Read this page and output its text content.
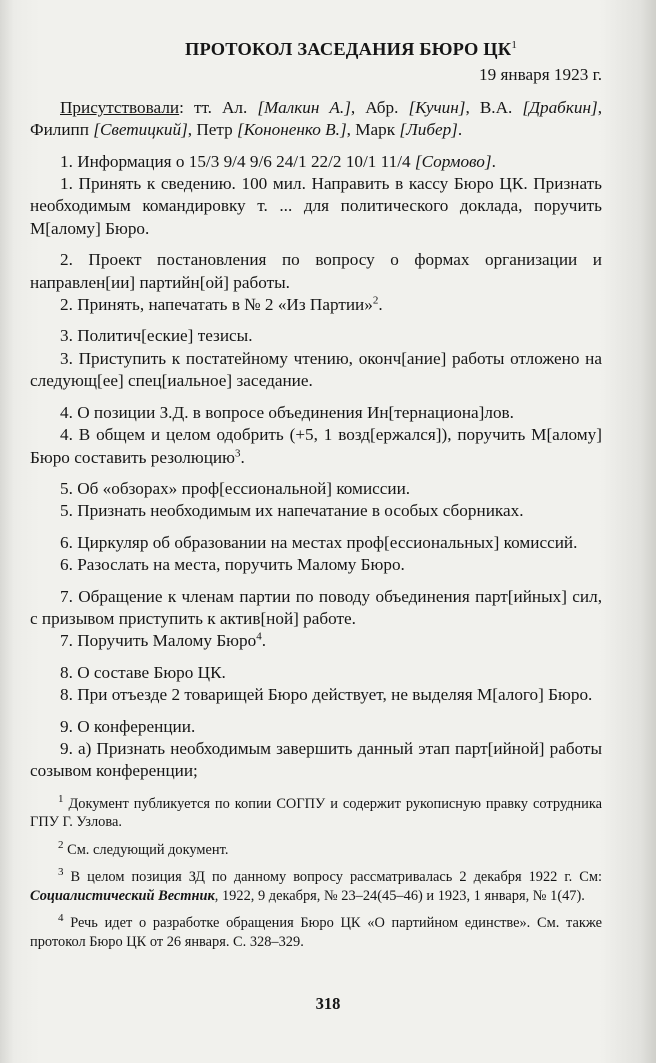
ПРОТОКОЛ ЗАСЕДАНИЯ БЮРО $ЦК^1$
19 января 1923 г.
Присутствовали: тт. Ал. [Малкин А.], Абр. [Кучин], В.А. [Драбкин], Филипп [Светицкий], Петр [Кононенко В.], Марк [Либер].

1. Информация о 15/3 9/4 9/6 24/1 22/2 10/1 11/4 [Сормово].

1. Принять к сведению. 100 мил. Направить в кассу Бюро ЦК. Признать необходимым командировку т. ... для политического доклада, поручить М[алому] Бюро.

2. Проект постановления по вопросу о формах организации и направлен[ии] партийн[ой] работы.

2. Принять, напечатать в № 2 «Из Партии»$^2$.

3. Политич[еские] тезисы.

3. Приступить к постатейному чтению, оконч[ание] работы отложено на следующ[ее] спец[иальное] заседание.

4. О позиции З.Д. в вопросе объединения Ин[тернациона]лов.

4. В общем и целом одобрить (+5, 1 возд[ержался]), поручить М[алому] Бюро составить резолюцию$^3$.

5. Об «обзорах» проф[ессиональной] комиссии.

5. Признать необходимым их напечатание в особых сборниках.

6. Циркуляр об образовании на местах проф[ессиональных] комиссий.

6. Разослать на места, поручить Малому Бюро.

7. Обращение к членам партии по поводу объединения парт[ийных] сил, с призывом приступить к актив[ной] работе.

7. Поручить Малому Бюро$^4$.

8. О составе Бюро ЦК.

8. При отъезде 2 товарищей Бюро действует, не выделяя М[алого] Бюро.

9. О конференции.

9. а) Признать необходимым завершить данный этап парт[ийной] работы созывом конференции;

$^1$ Документ публикуется по копии СОГПУ и содержит рукописную правку сотрудника ГПУ Г. Узлова.

$^2$ См. следующий документ.

$^3$ В целом позиция ЗД по данному вопросу рассматривалась 2 декабря 1922 г. См: Социалистический Вестник, 1922, 9 декабря, № 23–24(45–46) и 1923, 1 января, № 1(47).

$^4$ Речь идет о разработке обращения Бюро ЦК «О партийном единстве». См. также протокол Бюро ЦК от 26 января. С. 328–329.

318
